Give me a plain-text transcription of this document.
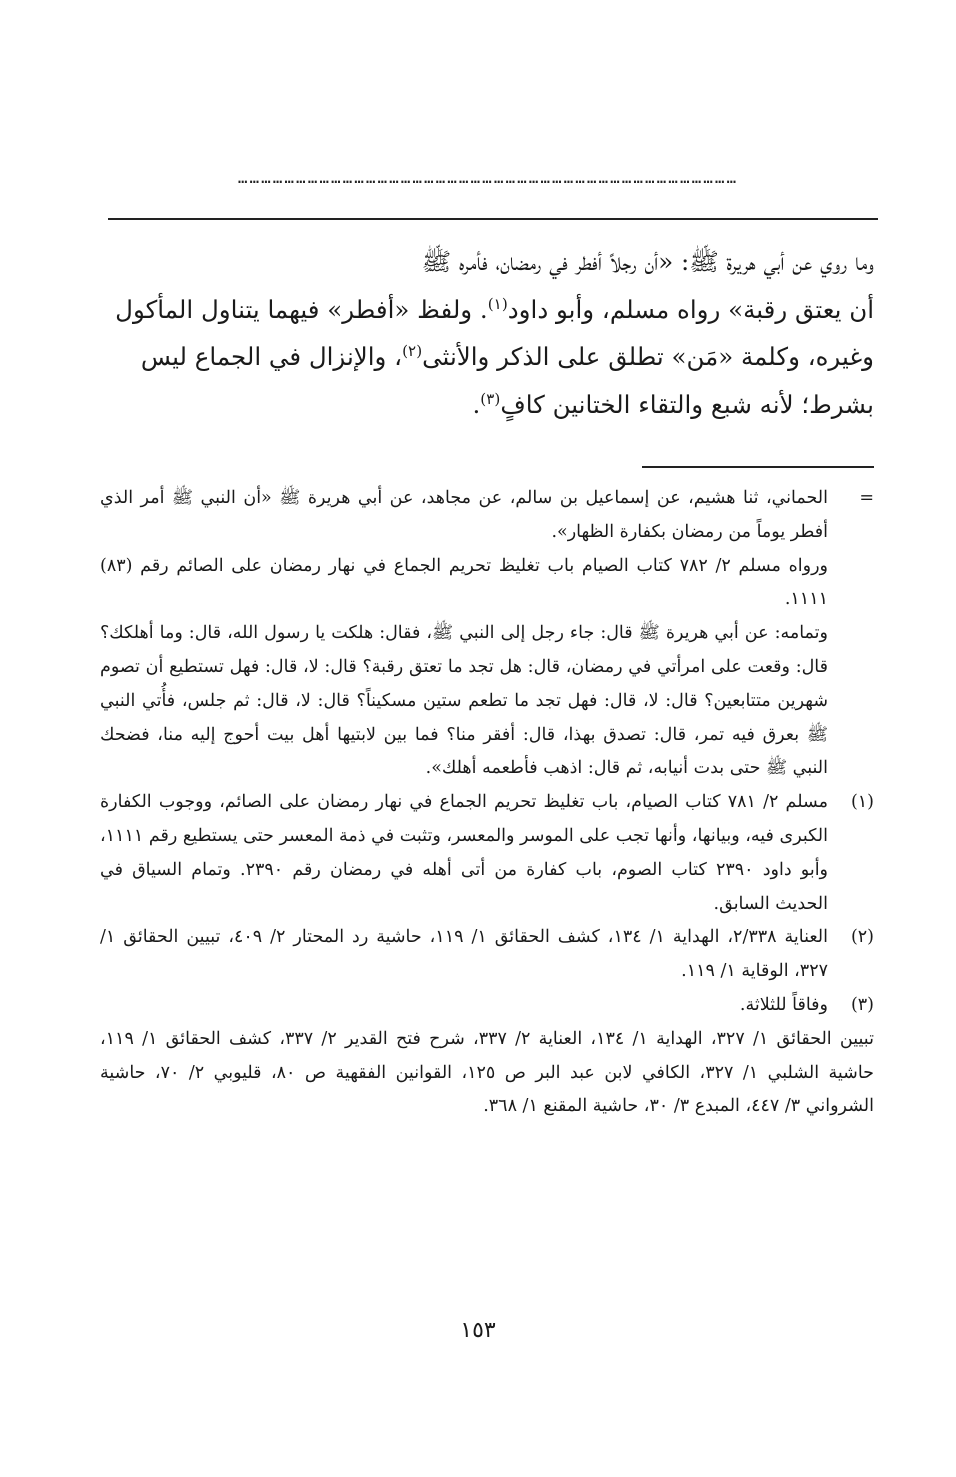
…………………………………………………………………………………………………………………

وما روي عن أبي هريرة ﷺ: «أن رجلاً أفطر في رمضان، فأمره ﷺ

أن يعتق رقبة» رواه مسلم، وأبو داود$^{(١)}$. ولفظ «أفطر» فيهما يتناول المأكول

وغيره، وكلمة «مَن» تطلق على الذكر والأنثى$^{(٢)}$، والإنزال في الجماع ليس

بشرط؛ لأنه شبع والتقاء الختانين كافٍ$^{(٣)}$.

=

الحماني، ثنا هشيم، عن إسماعيل بن سالم، عن مجاهد، عن أبي هريرة ﷺ «أن النبي ﷺ أمر الذي أفطر يوماً من رمضان بكفارة الظهار».

ورواه مسلم ٢/ ٧٨٢ كتاب الصيام باب تغليظ تحريم الجماع في نهار رمضان على الصائم رقم (٨٣) ١١١١.

وتمامه: عن أبي هريرة ﷺ قال: جاء رجل إلى النبي ﷺ، فقال: هلكت يا رسول الله، قال: وما أهلكك؟ قال: وقعت على امرأتي في رمضان، قال: هل تجد ما تعتق رقبة؟ قال: لا، قال: فهل تستطيع أن تصوم شهرين متتابعين؟ قال: لا، قال: فهل تجد ما تطعم ستين مسكيناً؟ قال: لا، قال: ثم جلس، فأُتي النبي ﷺ بعرق فيه تمر، قال: تصدق بهذا، قال: أفقر منا؟ فما بين لابتيها أهل بيت أحوج إليه منا، فضحك النبي ﷺ حتى بدت أنيابه، ثم قال: اذهب فأطعمه أهلك».

(١)

مسلم ٢/ ٧٨١ كتاب الصيام، باب تغليظ تحريم الجماع في نهار رمضان على الصائم، ووجوب الكفارة الكبرى فيه، وبيانها، وأنها تجب على الموسر والمعسر، وتثبت في ذمة المعسر حتى يستطيع رقم ١١١١، وأبو داود ٢٣٩٠ كتاب الصوم، باب كفارة من أتى أهله في رمضان رقم ٢٣٩٠. وتمام السياق في الحديث السابق.

(٢)

العناية ٢/٣٣٨، الهداية ١/ ١٣٤، كشف الحقائق ١/ ١١٩، حاشية رد المحتار ٢/ ٤٠٩، تبيين الحقائق ١/ ٣٢٧، الوقاية ١/ ١١٩.

(٣)

وفاقاً للثلاثة.

تبيين الحقائق ١/ ٣٢٧، الهداية ١/ ١٣٤، العناية ٢/ ٣٣٧، شرح فتح القدير ٢/ ٣٣٧، كشف الحقائق ١/ ١١٩، حاشية الشلبي ١/ ٣٢٧، الكافي لابن عبد البر ص ١٢٥، القوانين الفقهية ص ٨٠، قليوبي ٢/ ٧٠، حاشية الشرواني ٣/ ٤٤٧، المبدع ٣/ ٣٠، حاشية المقنع ١/ ٣٦٨.

١٥٣
